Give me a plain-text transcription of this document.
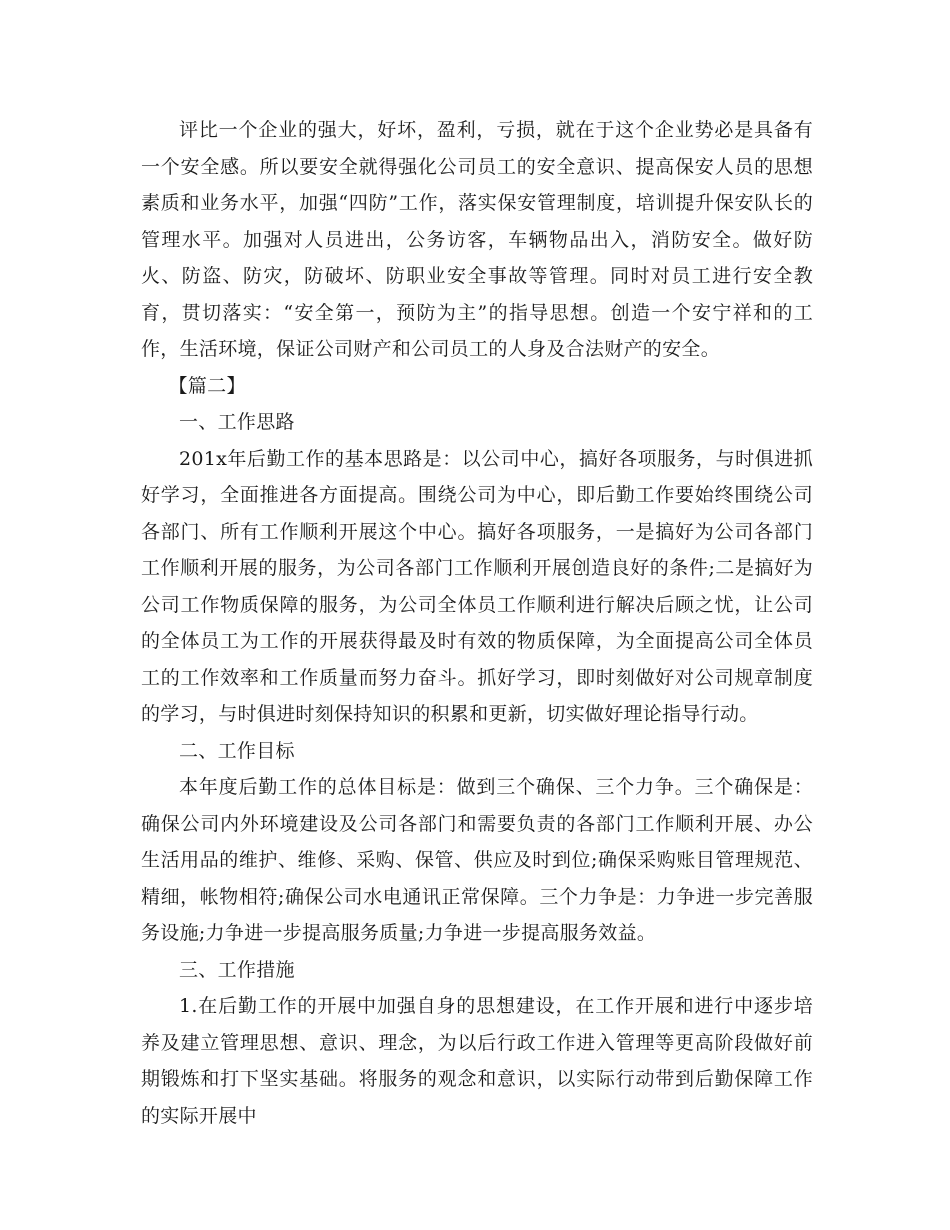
评比一个企业的强大，好坏，盈利，亏损，就在于这个企业势必是具备有一个安全感。所以要安全就得强化公司员工的安全意识、提高保安人员的思想素质和业务水平，加强“四防”工作，落实保安管理制度，培训提升保安队长的管理水平。加强对人员进出，公务访客，车辆物品出入，消防安全。做好防火、防盗、防灾，防破坏、防职业安全事故等管理。同时对员工进行安全教育，贯切落实：“安全第一，预防为主”的指导思想。创造一个安宁祥和的工作，生活环境，保证公司财产和公司员工的人身及合法财产的安全。

【篇二】

一、工作思路

201x年后勤工作的基本思路是：以公司中心，搞好各项服务，与时俱进抓好学习，全面推进各方面提高。围绕公司为中心，即后勤工作要始终围绕公司各部门、所有工作顺利开展这个中心。搞好各项服务，一是搞好为公司各部门工作顺利开展的服务，为公司各部门工作顺利开展创造良好的条件;二是搞好为公司工作物质保障的服务，为公司全体员工作顺利进行解决后顾之忧，让公司的全体员工为工作的开展获得最及时有效的物质保障，为全面提高公司全体员工的工作效率和工作质量而努力奋斗。抓好学习，即时刻做好对公司规章制度的学习，与时俱进时刻保持知识的积累和更新，切实做好理论指导行动。

二、工作目标

本年度后勤工作的总体目标是：做到三个确保、三个力争。三个确保是：确保公司内外环境建设及公司各部门和需要负责的各部门工作顺利开展、办公生活用品的维护、维修、采购、保管、供应及时到位;确保采购账目管理规范、精细，帐物相符;确保公司水电通讯正常保障。三个力争是：力争进一步完善服务设施;力争进一步提高服务质量;力争进一步提高服务效益。

三、工作措施

1.在后勤工作的开展中加强自身的思想建设，在工作开展和进行中逐步培养及建立管理思想、意识、理念，为以后行政工作进入管理等更高阶段做好前期锻炼和打下坚实基础。将服务的观念和意识，以实际行动带到后勤保障工作的实际开展中
